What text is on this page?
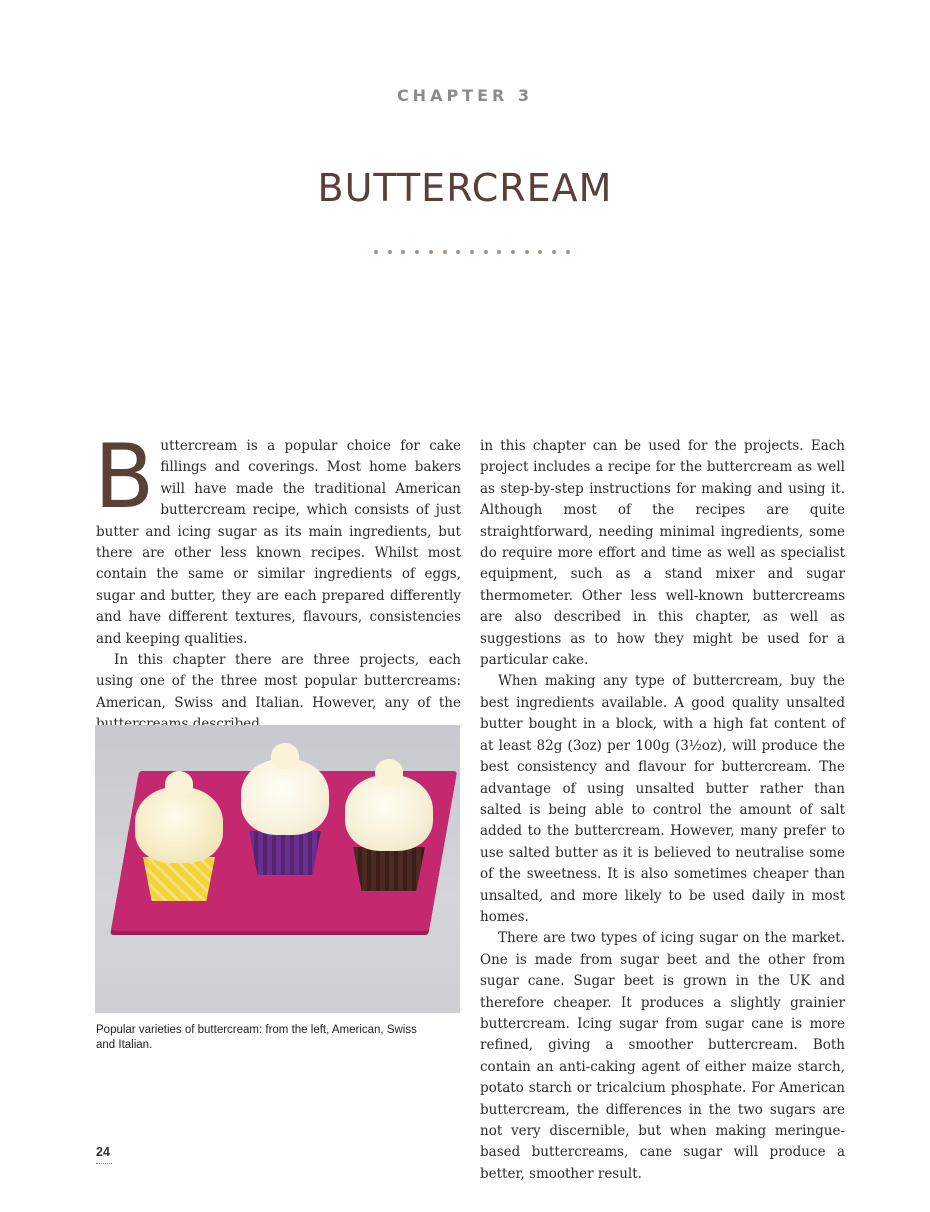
CHAPTER 3
BUTTERCREAM

Buttercream is a popular choice for cake fillings and coverings. Most home bakers will have made the traditional American buttercream recipe, which consists of just butter and icing sugar as its main ingredients, but there are other less known recipes. Whilst most contain the same or similar ingredients of eggs, sugar and butter, they are each prepared differently and have different textures, flavours, consistencies and keeping qualities.

In this chapter there are three projects, each using one of the three most popular buttercreams: American, Swiss and Italian. However, any of the

in this chapter can be used for the projects. Each project includes a recipe for the buttercream as well as step-by-step instructions for making and using it. Although most of the recipes are quite straightforward, needing minimal ingredients, some do require more effort and time as well as specialist equipment, such as a stand mixer and sugar thermometer. Other less well-known buttercreams are also described in this chapter, as well as suggestions as to how they might be used for a particular cake.

When making any type of buttercream, buy the best ingredients available. A good quality unsalted butter bought in a block, with a high fat content of at least 82g (3oz) per 100g (3½oz), will produce the best consistency and flavour for buttercream. The advantage of using unsalted butter rather than salted is being able to control the amount of salt added to the buttercream. However, many prefer to use salted butter as it is believed to neutralise some of the sweetness. It is also sometimes cheaper than unsalted, and more likely to be used daily in most homes.

There are two types of icing sugar on the market. One is made from sugar beet and the other from sugar cane. Sugar beet is grown in the UK and therefore cheaper. It produces a slightly grainier buttercream. Icing sugar from sugar cane is more refined, giving a smoother buttercream. Both contain an anti-caking agent of either maize starch, potato starch or tricalcium phosphate. For American buttercream, the differences in the two sugars are not very discernible, but when making meringue-based buttercreams, cane sugar will produce a better, smoother result.

Popular varieties of buttercream: from the left, American, Swiss and Italian.
24
